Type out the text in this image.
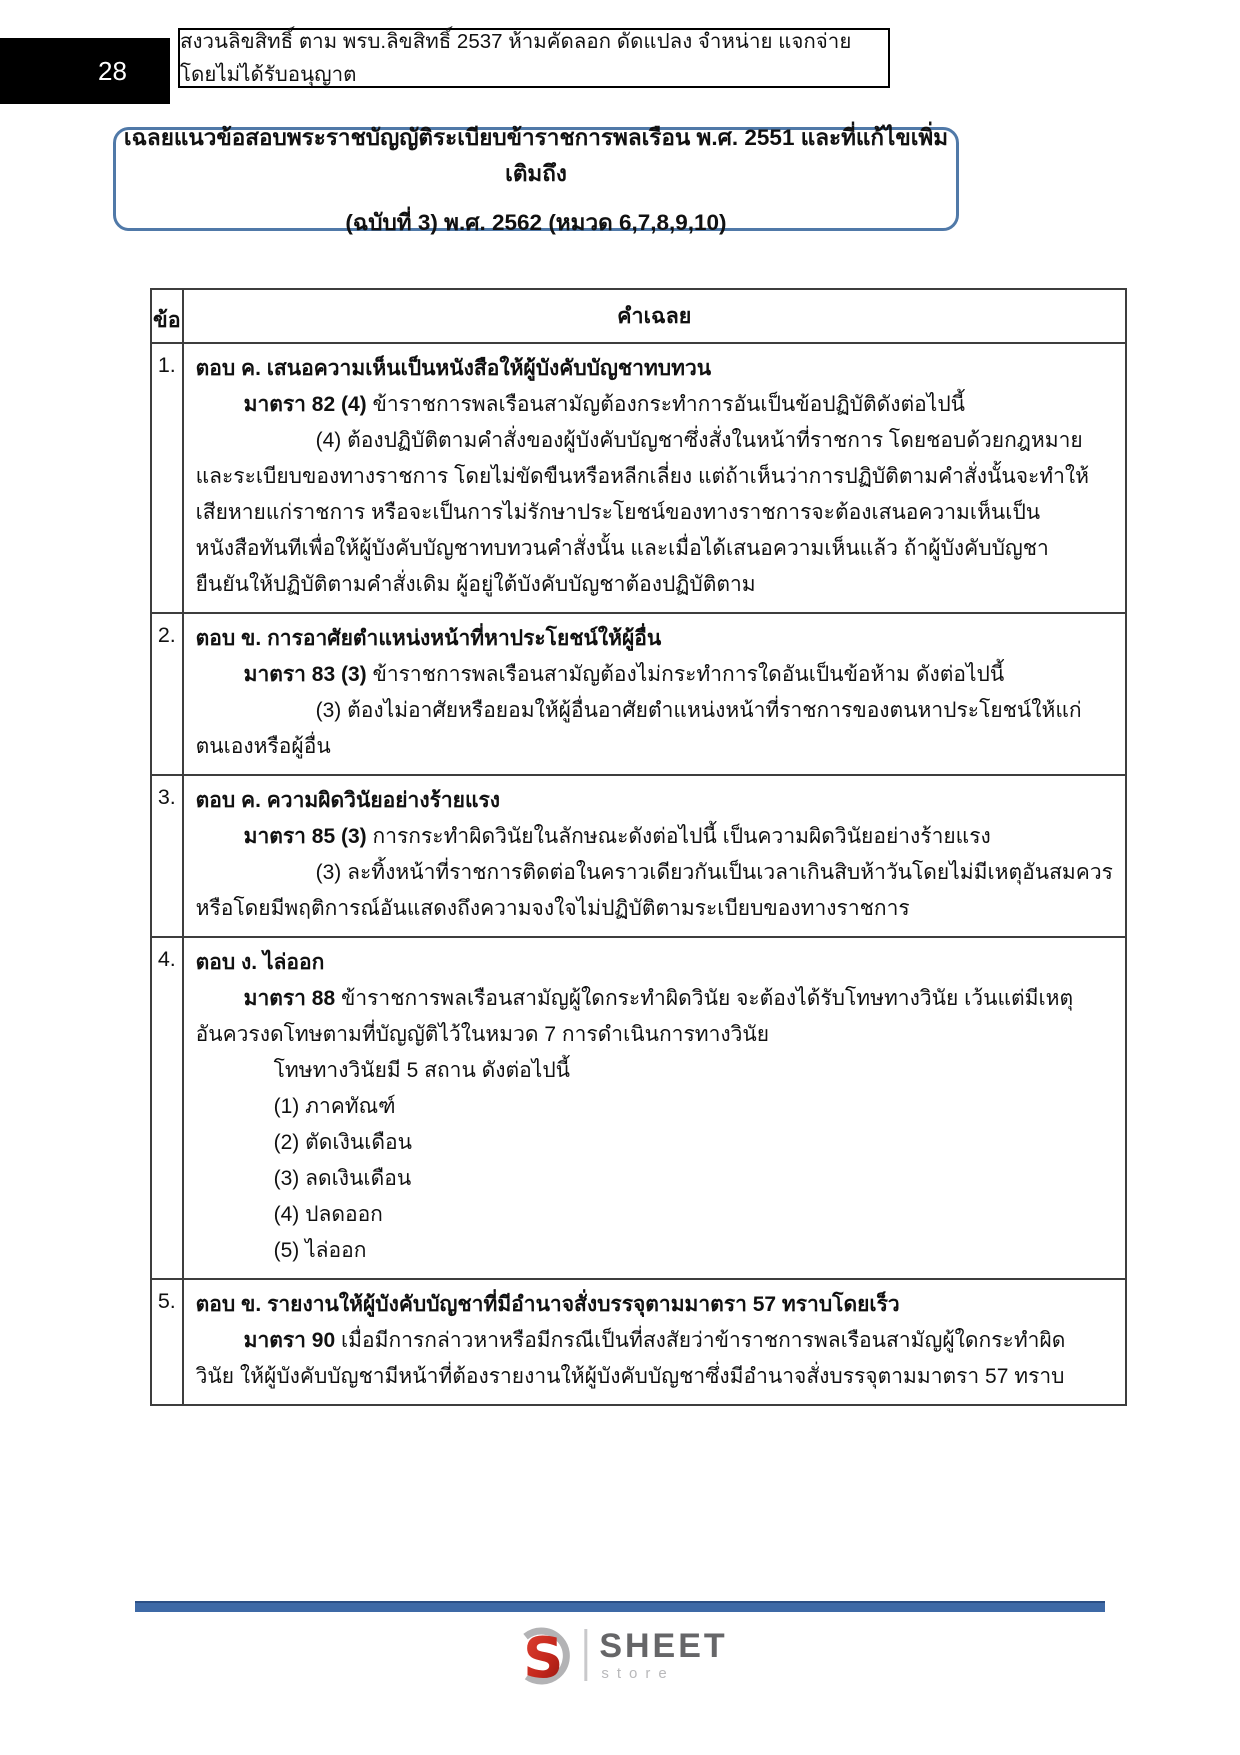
28
สงวนลิขสิทธิ์ ตาม พรบ.ลิขสิทธิ์ 2537 ห้ามคัดลอก ดัดแปลง จำหน่าย แจกจ่าย โดยไม่ได้รับอนุญาต
เฉลยแนวข้อสอบพระราชบัญญัติระเบียบข้าราชการพลเรือน พ.ศ. 2551 และที่แก้ไขเพิ่มเติมถึง
(ฉบับที่ 3) พ.ศ. 2562 (หมวด 6,7,8,9,10)
ข้อ	คำเฉลย
1.	ตอบ ค. เสนอความเห็นเป็นหนังสือให้ผู้บังคับบัญชาทบทวน
มาตรา 82 (4) ข้าราชการพลเรือนสามัญต้องกระทำการอันเป็นข้อปฏิบัติดังต่อไปนี้
(4) ต้องปฏิบัติตามคำสั่งของผู้บังคับบัญชาซึ่งสั่งในหน้าที่ราชการ โดยชอบด้วยกฎหมาย
และระเบียบของทางราชการ โดยไม่ขัดขืนหรือหลีกเลี่ยง แต่ถ้าเห็นว่าการปฏิบัติตามคำสั่งนั้นจะทำให้
เสียหายแก่ราชการ หรือจะเป็นการไม่รักษาประโยชน์ของทางราชการจะต้องเสนอความเห็นเป็น
หนังสือทันทีเพื่อให้ผู้บังคับบัญชาทบทวนคำสั่งนั้น และเมื่อได้เสนอความเห็นแล้ว ถ้าผู้บังคับบัญชา
ยืนยันให้ปฏิบัติตามคำสั่งเดิม ผู้อยู่ใต้บังคับบัญชาต้องปฏิบัติตาม

2.	ตอบ ข. การอาศัยตำแหน่งหน้าที่หาประโยชน์ให้ผู้อื่น
มาตรา 83 (3) ข้าราชการพลเรือนสามัญต้องไม่กระทำการใดอันเป็นข้อห้าม ดังต่อไปนี้
(3) ต้องไม่อาศัยหรือยอมให้ผู้อื่นอาศัยตำแหน่งหน้าที่ราชการของตนหาประโยชน์ให้แก่
ตนเองหรือผู้อื่น

3.	ตอบ ค. ความผิดวินัยอย่างร้ายแรง
มาตรา 85 (3) การกระทำผิดวินัยในลักษณะดังต่อไปนี้ เป็นความผิดวินัยอย่างร้ายแรง
(3) ละทิ้งหน้าที่ราชการติดต่อในคราวเดียวกันเป็นเวลาเกินสิบห้าวันโดยไม่มีเหตุอันสมควร
หรือโดยมีพฤติการณ์อันแสดงถึงความจงใจไม่ปฏิบัติตามระเบียบของทางราชการ

4.	ตอบ ง. ไล่ออก
มาตรา 88 ข้าราชการพลเรือนสามัญผู้ใดกระทำผิดวินัย จะต้องได้รับโทษทางวินัย เว้นแต่มีเหตุ
อันควรงดโทษตามที่บัญญัติไว้ในหมวด 7 การดำเนินการทางวินัย
โทษทางวินัยมี 5 สถาน ดังต่อไปนี้
(1) ภาคทัณฑ์
(2) ตัดเงินเดือน
(3) ลดเงินเดือน
(4) ปลดออก
(5) ไล่ออก

5.	ตอบ ข. รายงานให้ผู้บังคับบัญชาที่มีอำนาจสั่งบรรจุตามมาตรา 57 ทราบโดยเร็ว
มาตรา 90 เมื่อมีการกล่าวหาหรือมีกรณีเป็นที่สงสัยว่าข้าราชการพลเรือนสามัญผู้ใดกระทำผิด
วินัย ให้ผู้บังคับบัญชามีหน้าที่ต้องรายงานให้ผู้บังคับบัญชาซึ่งมีอำนาจสั่งบรรจุตามมาตรา 57 ทราบ
S SHEET
store
